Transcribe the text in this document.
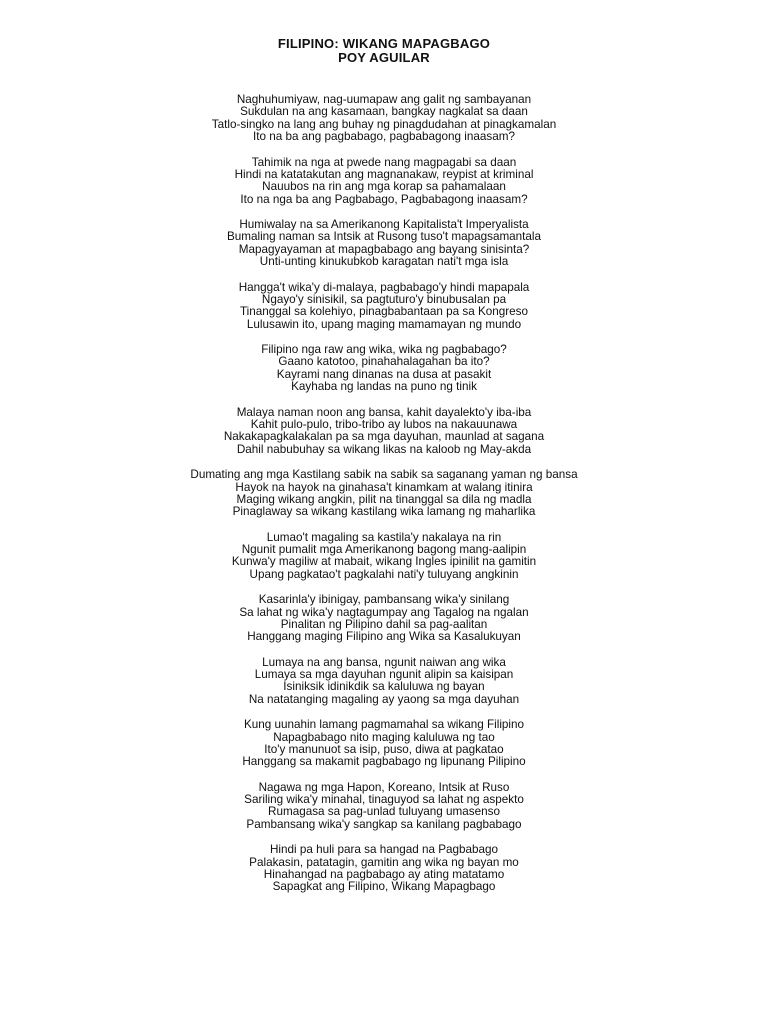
FILIPINO: WIKANG MAPAGBAGO
POY AGUILAR
Naghuhumiyaw, nag-uumapaw ang galit ng sambayanan
Sukdulan na ang kasamaan, bangkay nagkalat sa daan
Tatlo-singko na lang ang buhay ng pinagdudahan at pinagkamalan
Ito na ba ang pagbabago, pagbabagong inaasam?
Tahimik na nga at pwede nang magpagabi sa daan
Hindi na katatakutan ang magnanakaw, reypist at kriminal
Nauubos na rin ang mga korap sa pahamalaan
Ito na nga ba ang Pagbabago, Pagbabagong inaasam?
Humiwalay na sa Amerikanong Kapitalista't Imperyalista
Bumaling naman sa Intsik at Rusong tuso't mapagsamantala
Mapagyayaman at mapagbabago ang bayang sinisinta?
Unti-unting kinukubkob karagatan nati't mga isla
Hangga't wika'y di-malaya, pagbabago'y hindi mapapala
Ngayo'y sinisikil, sa pagtuturo'y binubusalan pa
Tinanggal sa kolehiyo, pinagbabantaan pa sa Kongreso
Lulusawin ito, upang maging mamamayan ng mundo
Filipino nga raw ang wika, wika ng pagbabago?
Gaano katotoo, pinahahalagahan ba ito?
Kayrami nang dinanas na dusa at pasakit
Kayhaba ng landas na puno ng tinik
Malaya naman noon ang bansa, kahit dayalekto'y iba-iba
Kahit pulo-pulo, tribo-tribo ay lubos na nakauunawa
Nakakapagkalakalan pa sa mga dayuhan, maunlad at sagana
Dahil nabubuhay sa wikang likas na kaloob ng May-akda
Dumating ang mga Kastilang sabik na sabik sa saganang yaman ng bansa
Hayok na hayok na ginahasa't kinamkam at walang itinira
Maging wikang angkin, pilit na tinanggal sa dila ng madla
Pinaglaway sa wikang kastilang wika lamang ng maharlika
Lumao't magaling sa kastila'y nakalaya na rin
Ngunit pumalit mga Amerikanong bagong mang-aalipin
Kunwa'y magiliw at mabait, wikang Ingles ipinilit na gamitin
Upang pagkatao't pagkalahi nati'y tuluyang angkinin
Kasarinla'y ibinigay, pambansang wika'y sinilang
Sa lahat ng wika'y nagtagumpay ang Tagalog na ngalan
Pinalitan ng Pilipino dahil sa pag-aalitan
Hanggang maging Filipino ang Wika sa Kasalukuyan
Lumaya na ang bansa, ngunit naiwan ang wika
Lumaya sa mga dayuhan ngunit alipin sa kaisipan
Isiniksik idinikdik sa kaluluwa ng bayan
Na natatanging magaling ay yaong sa mga dayuhan
Kung uunahin lamang pagmamahal sa wikang Filipino
Napagbabago nito maging kaluluwa ng tao
Ito'y manunuot sa isip, puso, diwa at pagkatao
Hanggang sa makamit pagbabago ng lipunang Pilipino
Nagawa ng mga Hapon, Koreano, Intsik at Ruso
Sariling wika'y minahal, tinaguyod sa lahat ng aspekto
Rumagasa sa pag-unlad tuluyang umasenso
Pambansang wika'y sangkap sa kanilang pagbabago
Hindi pa huli para sa hangad na Pagbabago
Palakasin, patatagin, gamitin ang wika ng bayan mo
Hinahangad na pagbabago ay ating matatamo
Sapagkat ang Filipino, Wikang Mapagbago
